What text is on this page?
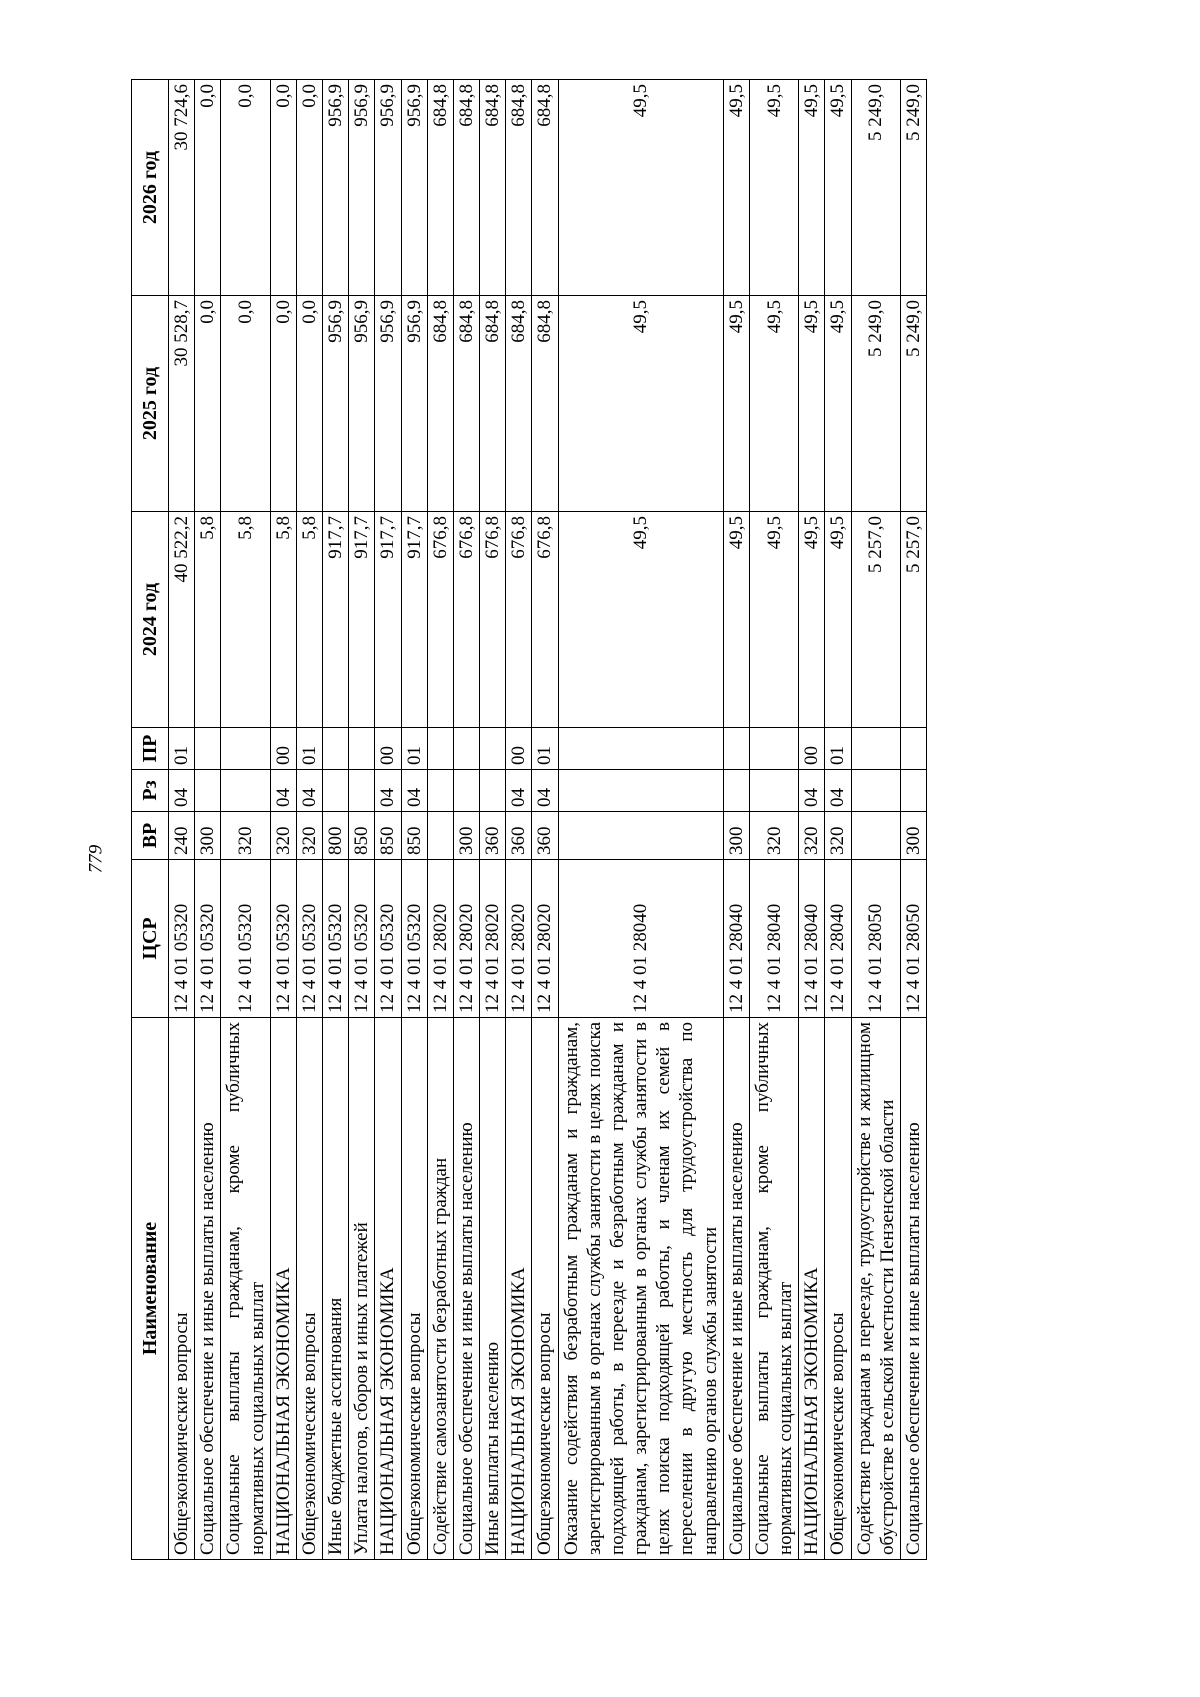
779
Наименование	ЦСР	ВР	Рз	ПР	2024 год	2025 год	2026 год
Общеэкономические вопросы	12 4 01 05320	240	04	01	40 522,2	30 528,7	30 724,6
Социальное обеспечение и иные выплаты населению	12 4 01 05320	300			5,8	0,0	0,0
Социальные выплаты гражданам, кроме публичных нормативных социальных выплат	12 4 01 05320	320			5,8	0,0	0,0
НАЦИОНАЛЬНАЯ ЭКОНОМИКА	12 4 01 05320	320	04	00	5,8	0,0	0,0
Общеэкономические вопросы	12 4 01 05320	320	04	01	5,8	0,0	0,0
Иные бюджетные ассигнования	12 4 01 05320	800			917,7	956,9	956,9
Уплата налогов, сборов и иных платежей	12 4 01 05320	850			917,7	956,9	956,9
НАЦИОНАЛЬНАЯ ЭКОНОМИКА	12 4 01 05320	850	04	00	917,7	956,9	956,9
Общеэкономические вопросы	12 4 01 05320	850	04	01	917,7	956,9	956,9
Содействие самозанятости безработных граждан	12 4 01 28020				676,8	684,8	684,8
Социальное обеспечение и иные выплаты населению	12 4 01 28020	300			676,8	684,8	684,8
Иные выплаты населению	12 4 01 28020	360			676,8	684,8	684,8
НАЦИОНАЛЬНАЯ ЭКОНОМИКА	12 4 01 28020	360	04	00	676,8	684,8	684,8
Общеэкономические вопросы	12 4 01 28020	360	04	01	676,8	684,8	684,8
Оказание содействия безработным гражданам и гражданам, зарегистрированным в органах службы занятости в целях поиска подходящей работы, в переезде и безработным гражданам и гражданам, зарегистрированным в органах службы занятости в целях поиска подходящей работы, и членам их семей в переселении в другую местность для трудоустройства по направлению органов службы занятости	12 4 01 28040				49,5	49,5	49,5
Социальное обеспечение и иные выплаты населению	12 4 01 28040	300			49,5	49,5	49,5
Социальные выплаты гражданам, кроме публичных нормативных социальных выплат	12 4 01 28040	320			49,5	49,5	49,5
НАЦИОНАЛЬНАЯ ЭКОНОМИКА	12 4 01 28040	320	04	00	49,5	49,5	49,5
Общеэкономические вопросы	12 4 01 28040	320	04	01	49,5	49,5	49,5
Содействие гражданам в переезде, трудоустройстве и жилищном обустройстве в сельской местности Пензенской области	12 4 01 28050				5 257,0	5 249,0	5 249,0
Социальное обеспечение и иные выплаты населению	12 4 01 28050	300			5 257,0	5 249,0	5 249,0
